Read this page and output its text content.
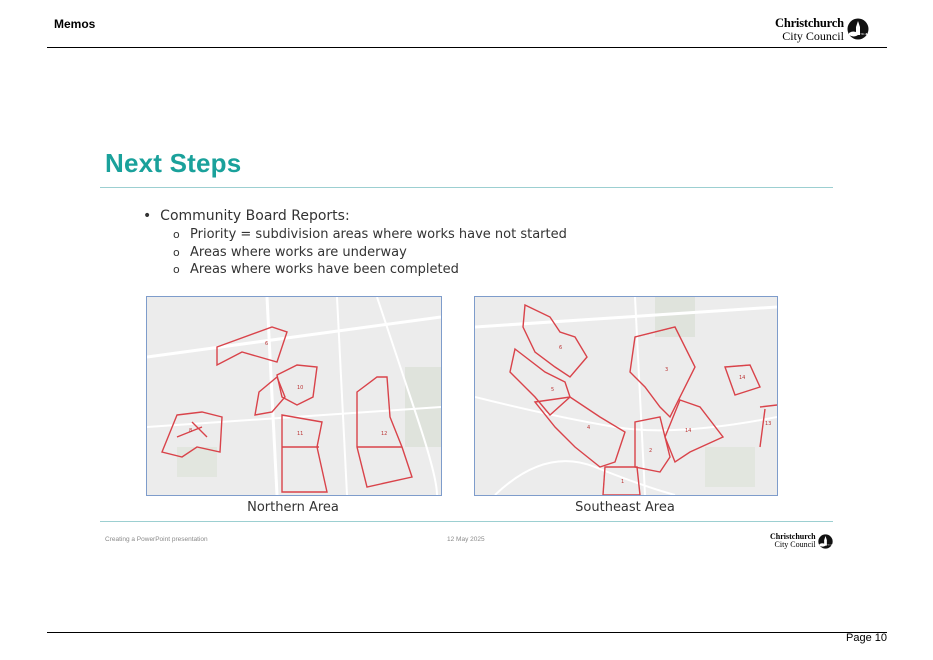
Memos	Christchurch
City Council
Next Steps
•  Community Board Reports:
o Priority = subdivision areas where works have not started
o Areas where works are underway
o Areas where works have been completed
6
10
8	11	12
6
5
3
4	14
2
1
13
14
Northern Area	Southeast Area
Creating a PowerPoint presentation	12 May 2025	Christchurch
City Council
Page 10
